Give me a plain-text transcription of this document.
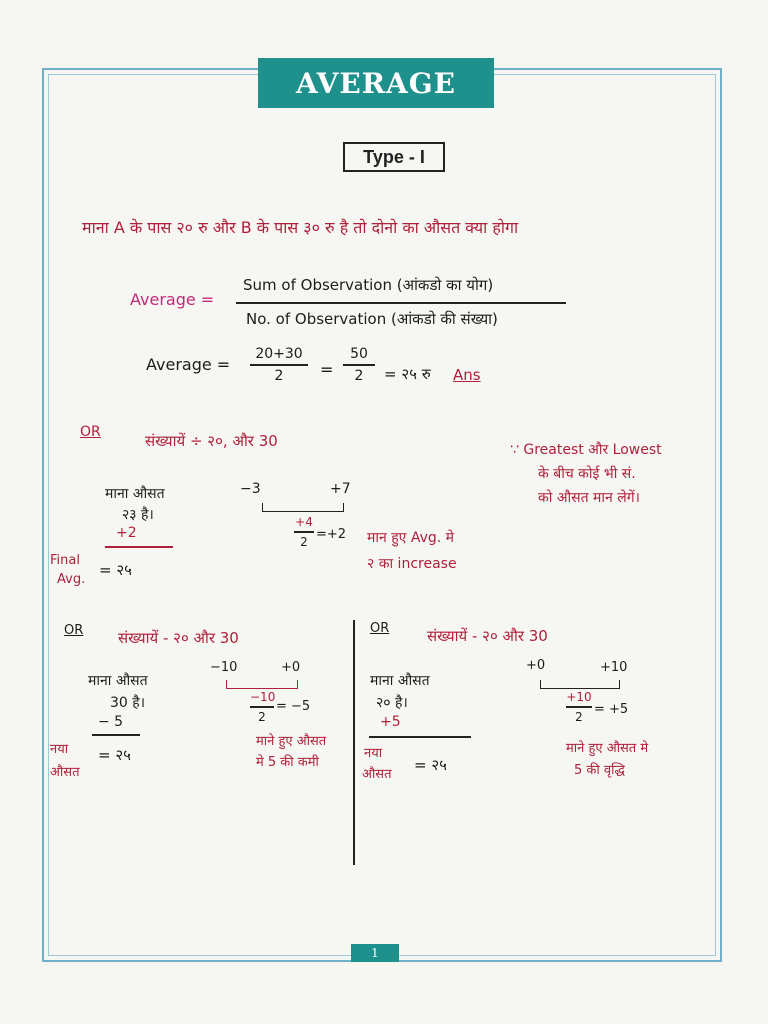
AVERAGE
Type - I
माना A के पास २० रु और B के पास ३० रु है तो दोनो का औसत क्या होगा
Average =
Sum of Observation (आंकडो का योग)
No. of Observation (आंकडो की संख्या)
Average =
20+30
2	=
50
2	= २५ रु Ans
OR	संख्यायें ÷ २०, और 30	∵ Greatest और Lowest
के बीच कोई भी सं.
को औसत मान लेगें।
माना औसत
२३ है।
+2
−3	+7
+4
2 =+2 मान हुए Avg. मे
२ का increase
Final
Avg.
= २५
OR संख्यायें - २० और 30
माना औसत
30 है।
− 5
नया
औसत
= २५
−10	+0
−10
2
= −5
माने हुए औसत
मे 5 की कमी
OR	संख्यायें - २० और 30
माना औसत
२० है।
+5
नया
औसत
= २५
+0	+10
+10
2 = +5
माने हुए औसत मे
5 की वृद्धि
1
